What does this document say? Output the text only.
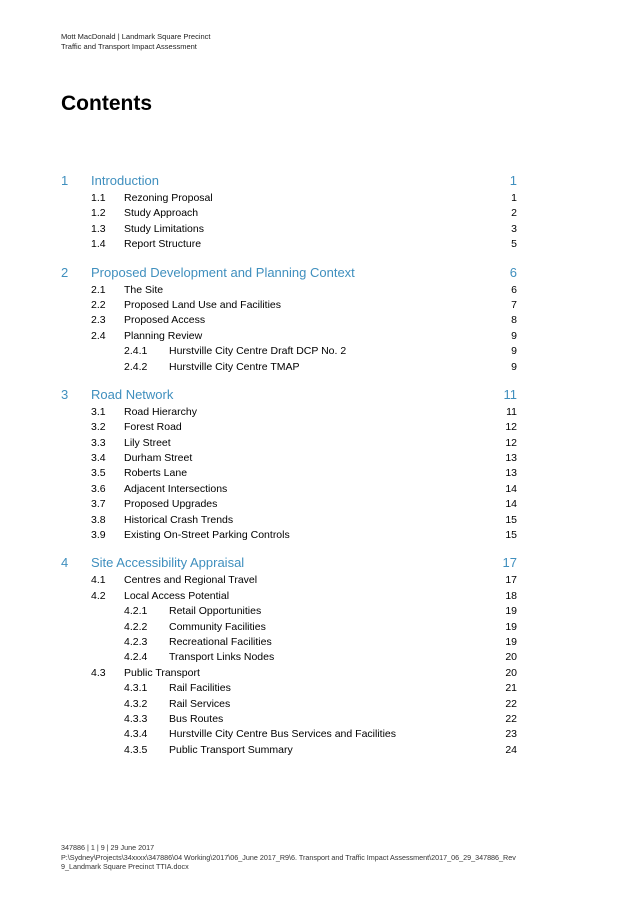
Mott MacDonald | Landmark Square Precinct
Traffic and Transport Impact Assessment
Contents
1	Introduction	1
1.1	Rezoning Proposal	1
1.2	Study Approach	2
1.3	Study Limitations	3
1.4	Report Structure	5
2	Proposed Development and Planning Context	6
2.1	The Site	6
2.2	Proposed Land Use and Facilities	7
2.3	Proposed Access	8
2.4	Planning Review	9
2.4.1	Hurstville City Centre Draft DCP No. 2	9
2.4.2	Hurstville City Centre TMAP	9
3	Road Network	11
3.1	Road Hierarchy	11
3.2	Forest Road	12
3.3	Lily Street	12
3.4	Durham Street	13
3.5	Roberts Lane	13
3.6	Adjacent Intersections	14
3.7	Proposed Upgrades	14
3.8	Historical Crash Trends	15
3.9	Existing On-Street Parking Controls	15
4	Site Accessibility Appraisal	17
4.1	Centres and Regional Travel	17
4.2	Local Access Potential	18
4.2.1	Retail Opportunities	19
4.2.2	Community Facilities	19
4.2.3	Recreational Facilities	19
4.2.4	Transport Links Nodes	20
4.3	Public Transport	20
4.3.1	Rail Facilities	21
4.3.2	Rail Services	22
4.3.3	Bus Routes	22
4.3.4	Hurstville City Centre Bus Services and Facilities	23
4.3.5	Public Transport Summary	24
347886 | 1 | 9 | 29 June 2017
P:\Sydney\Projects\34xxxx\347886\04 Working\2017\06_June 2017_R9\6. Transport and Traffic Impact Assessment\2017_06_29_347886_Rev 9_Landmark Square Precinct TTIA.docx
